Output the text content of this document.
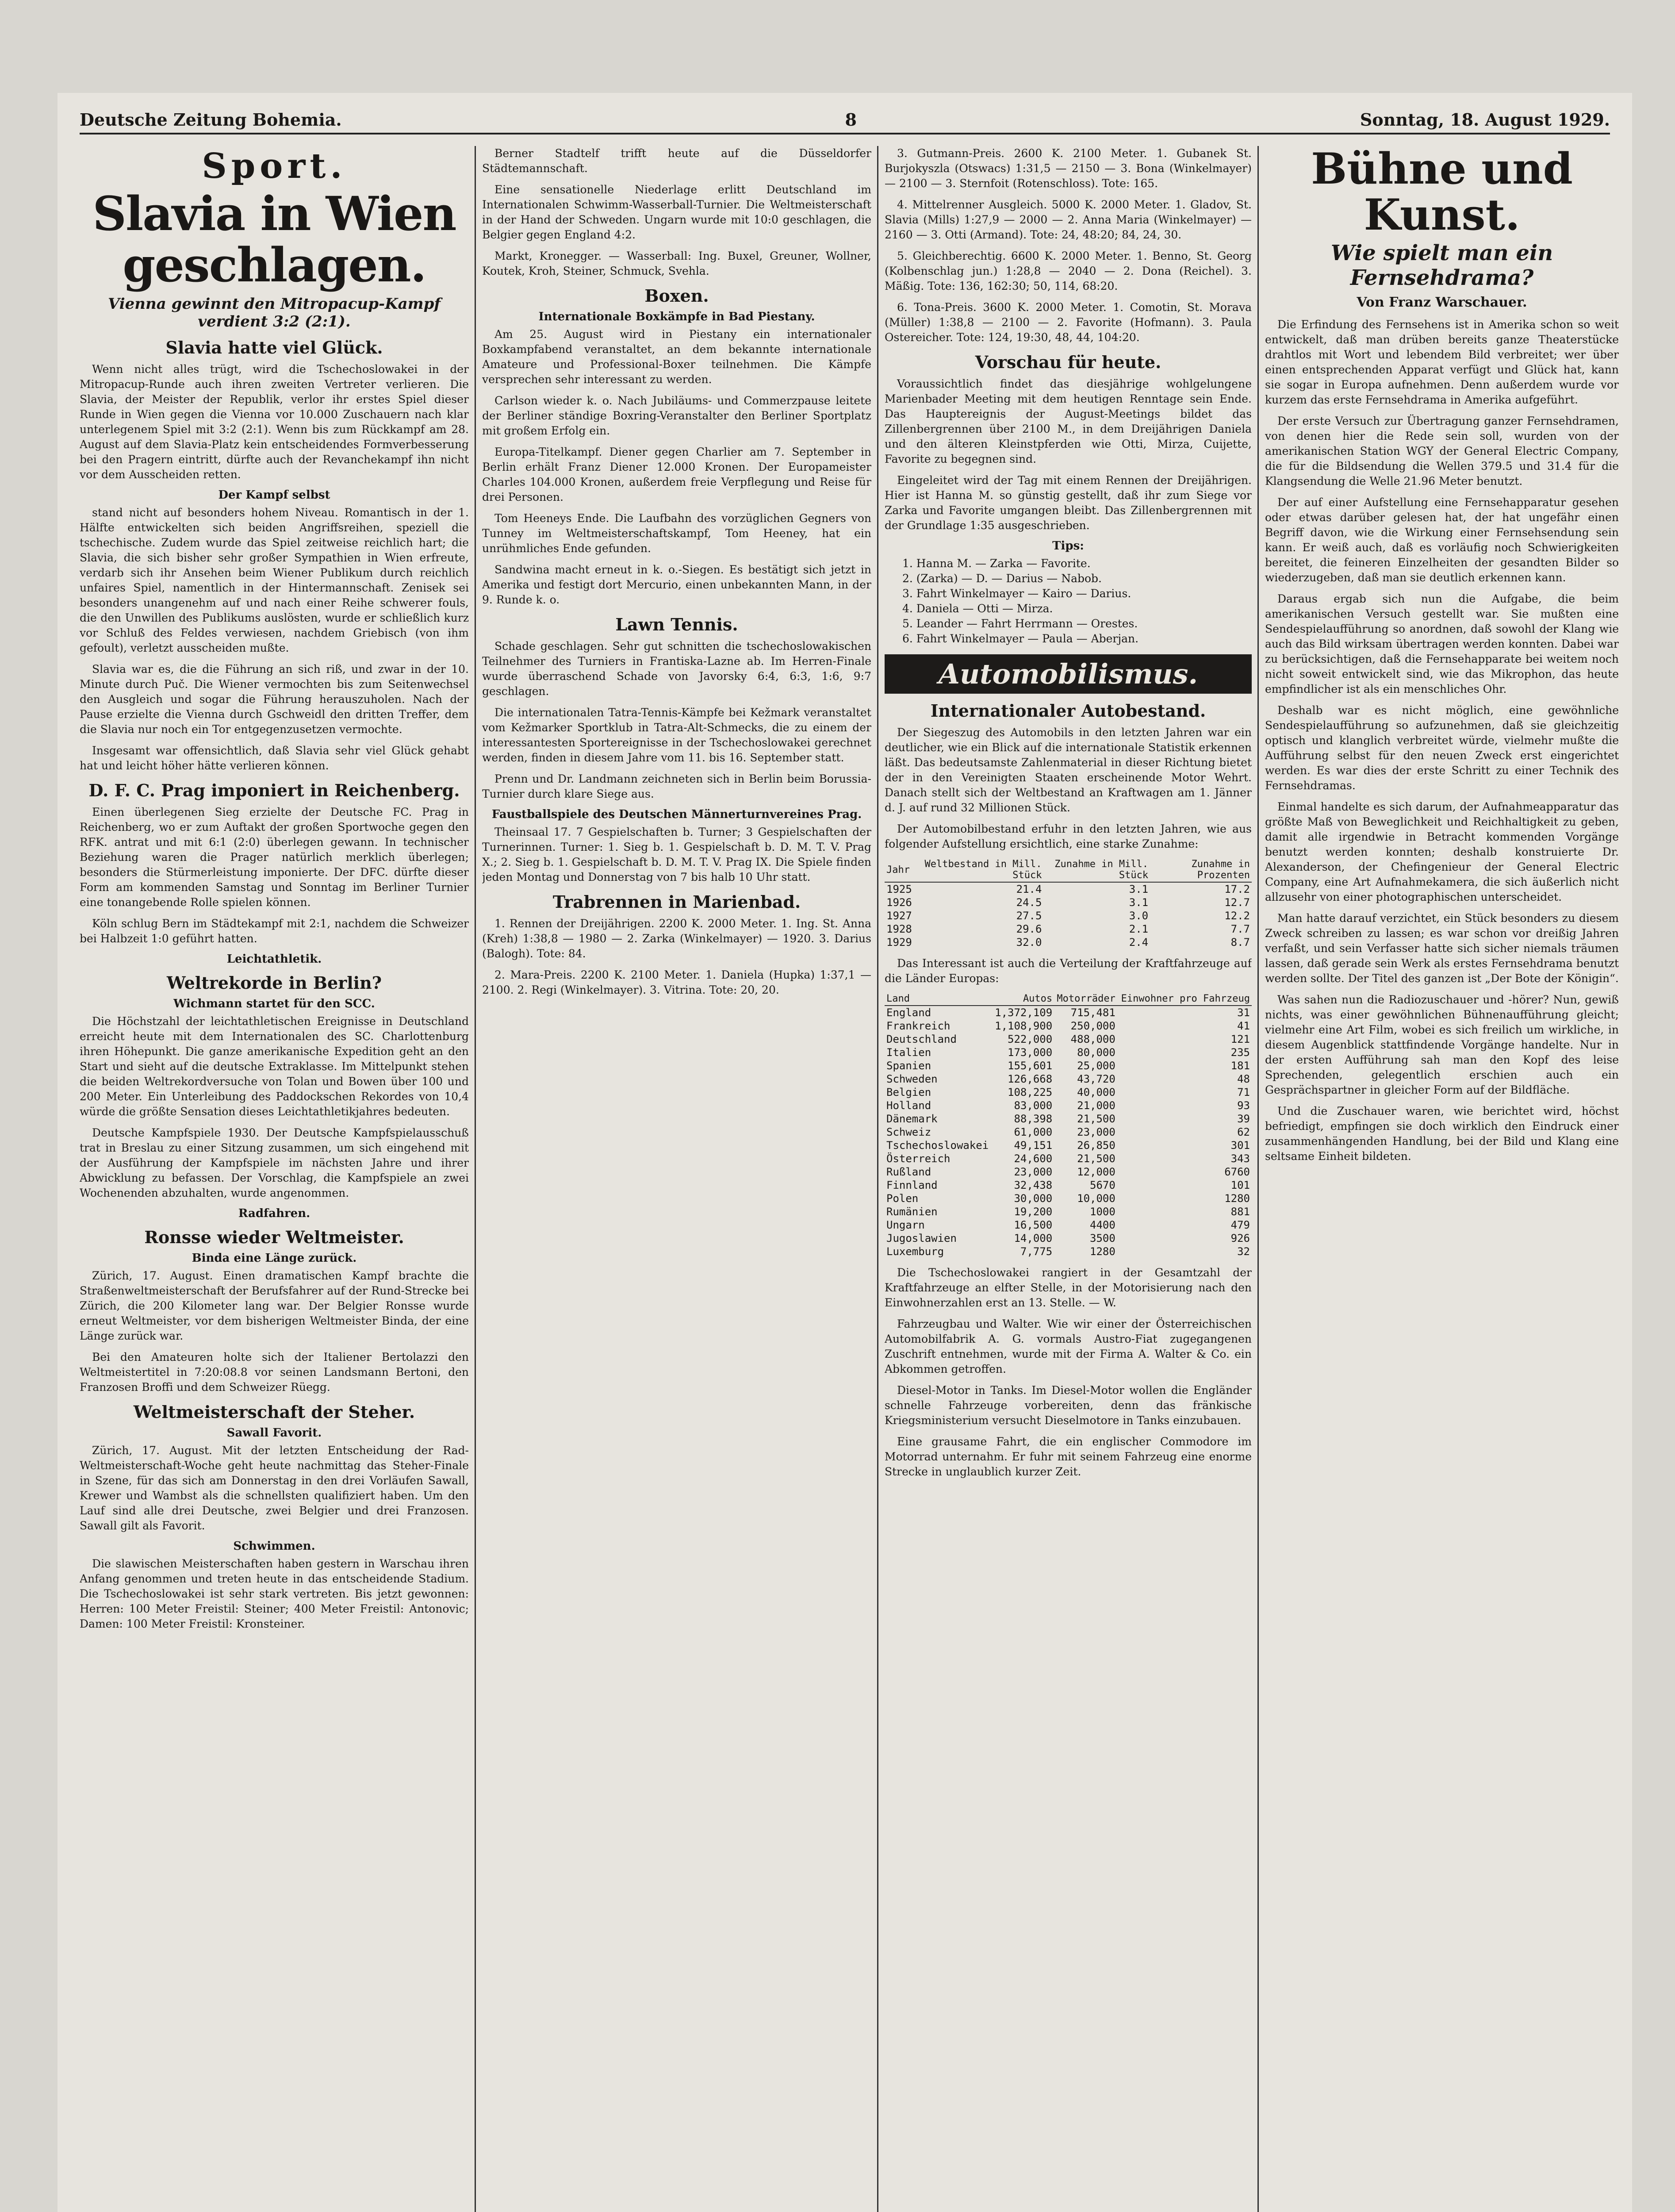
Deutsche Zeitung Bohemia.	8	Sonntag, 18. August 1929.
Sport.
Slavia in Wien geschlagen.
Vienna gewinnt den Mitropacup-Kampf verdient 3:2 (2:1).
Slavia hatte viel Glück.

Wenn nicht alles trügt, wird die Tschechoslowakei in der Mitropacup-Runde auch ihren zweiten Vertreter verlieren. Die Slavia, der Meister der Republik, verlor ihr erstes Spiel dieser Runde in Wien gegen die Vienna vor 10.000 Zuschauern nach klar unterlegenem Spiel mit 3:2 (2:1). Wenn bis zum Rückkampf am 28. August auf dem Slavia-Platz kein entscheidendes Formverbesserung bei den Pragern eintritt, dürfte auch der Revanchekampf ihn nicht vor dem Ausscheiden retten.

Der Kampf selbst

stand nicht auf besonders hohem Niveau. Romantisch in der 1. Hälfte entwickelten sich beiden Angriffsreihen, speziell die tschechische. Zudem wurde das Spiel zeitweise reichlich hart; die Slavia, die sich bisher sehr großer Sympathien in Wien erfreute, verdarb sich ihr Ansehen beim Wiener Publikum durch reichlich unfaires Spiel, namentlich in der Hintermannschaft. Zenisek sei besonders unangenehm auf und nach einer Reihe schwerer fouls, die den Unwillen des Publikums auslösten, wurde er schließlich kurz vor Schluß des Feldes verwiesen, nachdem Griebisch (von ihm gefoult), verletzt ausscheiden mußte.

Slavia war es, die die Führung an sich riß, und zwar in der 10. Minute durch Puč. Die Wiener vermochten bis zum Seitenwechsel den Ausgleich und sogar die Führung herauszuholen. Nach der Pause erzielte die Vienna durch Gschweidl den dritten Treffer, dem die Slavia nur noch ein Tor entgegenzusetzen vermochte.

Insgesamt war offensichtlich, daß Slavia sehr viel Glück gehabt hat und leicht höher hätte verlieren können.

D. F. C. Prag imponiert in Reichenberg.

Einen überlegenen Sieg erzielte der Deutsche FC. Prag in Reichenberg, wo er zum Auftakt der großen Sportwoche gegen den RFK. antrat und mit 6:1 (2:0) überlegen gewann. In technischer Beziehung waren die Prager natürlich merklich überlegen; besonders die Stürmerleistung imponierte. Der DFC. dürfte dieser Form am kommenden Samstag und Sonntag im Berliner Turnier eine tonangebende Rolle spielen können.

Köln schlug Bern im Städtekampf mit 2:1, nachdem die Schweizer bei Halbzeit 1:0 geführt hatten.

Leichtathletik.
Weltrekorde in Berlin?
Wichmann startet für den SCC.

Die Höchstzahl der leichtathletischen Ereignisse in Deutschland erreicht heute mit dem Internationalen des SC. Charlottenburg ihren Höhepunkt. Die ganze amerikanische Expedition geht an den Start und sieht auf die deutsche Extraklasse. Im Mittelpunkt stehen die beiden Weltrekordversuche von Tolan und Bowen über 100 und 200 Meter. Ein Unterleibung des Paddockschen Rekordes von 10,4 würde die größte Sensation dieses Leichtathletikjahres bedeuten.

Deutsche Kampfspiele 1930. Der Deutsche Kampfspielausschuß trat in Breslau zu einer Sitzung zusammen, um sich eingehend mit der Ausführung der Kampfspiele im nächsten Jahre und ihrer Abwicklung zu befassen. Der Vorschlag, die Kampfspiele an zwei Wochenenden abzuhalten, wurde angenommen.

Radfahren.
Ronsse wieder Weltmeister.
Binda eine Länge zurück.

Zürich, 17. August. Einen dramatischen Kampf brachte die Straßenweltmeisterschaft der Berufsfahrer auf der Rund-Strecke bei Zürich, die 200 Kilometer lang war. Der Belgier Ronsse wurde erneut Weltmeister, vor dem bisherigen Weltmeister Binda, der eine Länge zurück war.

Bei den Amateuren holte sich der Italiener Bertolazzi den Weltmeistertitel in 7:20:08.8 vor seinen Landsmann Bertoni, den Franzosen Broffi und dem Schweizer Rüegg.

Weltmeisterschaft der Steher.
Sawall Favorit.

Zürich, 17. August. Mit der letzten Entscheidung der Rad-Weltmeisterschaft-Woche geht heute nachmittag das Steher-Finale in Szene, für das sich am Donnerstag in den drei Vorläufen Sawall, Krewer und Wambst als die schnellsten qualifiziert haben. Um den Lauf sind alle drei Deutsche, zwei Belgier und drei Franzosen. Sawall gilt als Favorit.

Schwimmen.

Die slawischen Meisterschaften haben gestern in Warschau ihren Anfang genommen und treten heute in das entscheidende Stadium. Die Tschechoslowakei ist sehr stark vertreten. Bis jetzt gewonnen: Herren: 100 Meter Freistil: Steiner; 400 Meter Freistil: Antonovic; Damen: 100 Meter Freistil: Kronsteiner.

Berner Stadtelf trifft heute auf die Düsseldorfer Städtemannschaft.

Eine sensationelle Niederlage erlitt Deutschland im Internationalen Schwimm-Wasserball-Turnier. Die Weltmeisterschaft in der Hand der Schweden. Ungarn wurde mit 10:0 geschlagen, die Belgier gegen England 4:2.

Markt, Kronegger. — Wasserball: Ing. Buxel, Greuner, Wollner, Koutek, Kroh, Steiner, Schmuck, Svehla.

Boxen.
Internationale Boxkämpfe in Bad Piestany.

Am 25. August wird in Piestany ein internationaler Boxkampfabend veranstaltet, an dem bekannte internationale Amateure und Professional-Boxer teilnehmen. Die Kämpfe versprechen sehr interessant zu werden.

Carlson wieder k. o. Nach Jubiläums- und Commerzpause leitete der Berliner ständige Boxring-Veranstalter den Berliner Sportplatz mit großem Erfolg ein.

Europa-Titelkampf. Diener gegen Charlier am 7. September in Berlin erhält Franz Diener 12.000 Kronen. Der Europameister Charles 104.000 Kronen, außerdem freie Verpflegung und Reise für drei Personen.

Tom Heeneys Ende. Die Laufbahn des vorzüglichen Gegners von Tunney im Weltmeisterschaftskampf, Tom Heeney, hat ein unrühmliches Ende gefunden.

Sandwina macht erneut in k. o.-Siegen. Es bestätigt sich jetzt in Amerika und festigt dort Mercurio, einen unbekannten Mann, in der 9. Runde k. o.

Lawn Tennis.

Schade geschlagen. Sehr gut schnitten die tschechoslowakischen Teilnehmer des Turniers in Frantiska-Lazne ab. Im Herren-Finale wurde überraschend Schade von Javorsky 6:4, 6:3, 1:6, 9:7 geschlagen.

Die internationalen Tatra-Tennis-Kämpfe bei Kežmark veranstaltet vom Kežmarker Sportklub in Tatra-Alt-Schmecks, die zu einem der interessantesten Sportereignisse in der Tschechoslowakei gerechnet werden, finden in diesem Jahre vom 11. bis 16. September statt.

Prenn und Dr. Landmann zeichneten sich in Berlin beim Borussia-Turnier durch klare Siege aus.

Faustballspiele des Deutschen Männerturnvereines Prag.

Theinsaal 17. 7 Gespielschaften b. Turner; 3 Gespielschaften der Turnerinnen. Turner: 1. Sieg b. 1. Gespielschaft b. D. M. T. V. Prag X.; 2. Sieg b. 1. Gespielschaft b. D. M. T. V. Prag IX. Die Spiele finden jeden Montag und Donnerstag von 7 bis halb 10 Uhr statt.

Trabrennen in Marienbad.

1. Rennen der Dreijährigen. 2200 K. 2000 Meter. 1. Ing. St. Anna (Kreh) 1:38,8 — 1980 — 2. Zarka (Winkelmayer) — 1920. 3. Darius (Balogh). Tote: 84.

2. Mara-Preis. 2200 K. 2100 Meter. 1. Daniela (Hupka) 1:37,1 — 2100. 2. Regi (Winkelmayer). 3. Vitrina. Tote: 20, 20.

3. Gutmann-Preis. 2600 K. 2100 Meter. 1. Gubanek St. Burjokyszla (Otswacs) 1:31,5 — 2150 — 3. Bona (Winkelmayer) — 2100 — 3. Sternfoit (Rotenschloss). Tote: 165.

4. Mittelrenner Ausgleich. 5000 K. 2000 Meter. 1. Gladov, St. Slavia (Mills) 1:27,9 — 2000 — 2. Anna Maria (Winkelmayer) — 2160 — 3. Otti (Armand). Tote: 24, 48:20; 84, 24, 30.

5. Gleichberechtig. 6600 K. 2000 Meter. 1. Benno, St. Georg (Kolbenschlag jun.) 1:28,8 — 2040 — 2. Dona (Reichel). 3. Mäßig. Tote: 136, 162:30; 50, 114, 68:20.

6. Tona-Preis. 3600 K. 2000 Meter. 1. Comotin, St. Morava (Müller) 1:38,8 — 2100 — 2. Favorite (Hofmann). 3. Paula Ostereicher. Tote: 124, 19:30, 48, 44, 104:20.

Vorschau für heute.

Voraussichtlich findet das diesjährige wohlgelungene Marienbader Meeting mit dem heutigen Renntage sein Ende. Das Hauptereignis der August-Meetings bildet das Zillenbergrennen über 2100 M., in dem Dreijährigen Daniela und den älteren Kleinstpferden wie Otti, Mirza, Cuijette, Favorite zu begegnen sind.

Eingeleitet wird der Tag mit einem Rennen der Dreijährigen. Hier ist Hanna M. so günstig gestellt, daß ihr zum Siege vor Zarka und Favorite umgangen bleibt. Das Zillenbergrennen mit der Grundlage 1:35 ausgeschrieben.

Tips:
1. Hanna M. — Zarka — Favorite.
2. (Zarka) — D. — Darius — Nabob.
3. Fahrt Winkelmayer — Kairo — Darius.
4. Daniela — Otti — Mirza.
5. Leander — Fahrt Herrmann — Orestes.
6. Fahrt Winkelmayer — Paula — Aberjan.
Automobilismus.
Internationaler Autobestand.

Der Siegeszug des Automobils in den letzten Jahren war ein deutlicher, wie ein Blick auf die internationale Statistik erkennen läßt. Das bedeutsamste Zahlenmaterial in dieser Richtung bietet der in den Vereinigten Staaten erscheinende Motor Wehrt. Danach stellt sich der Weltbestand an Kraftwagen am 1. Jänner d. J. auf rund 32 Millionen Stück.

Der Automobilbestand erfuhr in den letzten Jahren, wie aus folgender Aufstellung ersichtlich, eine starke Zunahme:

Jahr	Weltbestand in Mill. Stück	Zunahme in Mill. Stück	Zunahme in Prozenten
1925	21.4	3.1	17.2
1926	24.5	3.1	12.7
1927	27.5	3.0	12.2
1928	29.6	2.1	7.7
1929	32.0	2.4	8.7

Das Interessant ist auch die Verteilung der Kraftfahrzeuge auf die Länder Europas:

Land	Autos	Motorräder	Einwohner pro Fahrzeug
England	1,372,109	715,481	31
Frankreich	1,108,900	250,000	41
Deutschland	522,000	488,000	121
Italien	173,000	80,000	235
Spanien	155,601	25,000	181
Schweden	126,668	43,720	48
Belgien	108,225	40,000	71
Holland	83,000	21,000	93
Dänemark	88,398	21,500	39
Schweiz	61,000	23,000	62
Tschechoslowakei	49,151	26,850	301
Österreich	24,600	21,500	343
Rußland	23,000	12,000	6760
Finnland	32,438	5670	101
Polen	30,000	10,000	1280
Rumänien	19,200	1000	881
Ungarn	16,500	4400	479
Jugoslawien	14,000	3500	926
Luxemburg	7,775	1280	32

Die Tschechoslowakei rangiert in der Gesamtzahl der Kraftfahrzeuge an elfter Stelle, in der Motorisierung nach den Einwohnerzahlen erst an 13. Stelle. — W.

Fahrzeugbau und Walter. Wie wir einer der Österreichischen Automobilfabrik A. G. vormals Austro-Fiat zugegangenen Zuschrift entnehmen, wurde mit der Firma A. Walter & Co. ein Abkommen getroffen.

Diesel-Motor in Tanks. Im Diesel-Motor wollen die Engländer schnelle Fahrzeuge vorbereiten, denn das fränkische Kriegsministerium versucht Dieselmotore in Tanks einzubauen.

Eine grausame Fahrt, die ein englischer Commodore im Motorrad unternahm. Er fuhr mit seinem Fahrzeug eine enorme Strecke in unglaublich kurzer Zeit.

Bühne und Kunst.
Wie spielt man ein Fernsehdrama?
Von Franz Warschauer.

Die Erfindung des Fernsehens ist in Amerika schon so weit entwickelt, daß man drüben bereits ganze Theaterstücke drahtlos mit Wort und lebendem Bild verbreitet; wer über einen entsprechenden Apparat verfügt und Glück hat, kann sie sogar in Europa aufnehmen. Denn außerdem wurde vor kurzem das erste Fernsehdrama in Amerika aufgeführt.

Der erste Versuch zur Übertragung ganzer Fernsehdramen, von denen hier die Rede sein soll, wurden von der amerikanischen Station WGY der General Electric Company, die für die Bildsendung die Wellen 379.5 und 31.4 für die Klangsendung die Welle 21.96 Meter benutzt.

Der auf einer Aufstellung eine Fernsehapparatur gesehen oder etwas darüber gelesen hat, der hat ungefähr einen Begriff davon, wie die Wirkung einer Fernsehsendung sein kann. Er weiß auch, daß es vorläufig noch Schwierigkeiten bereitet, die feineren Einzelheiten der gesandten Bilder so wiederzugeben, daß man sie deutlich erkennen kann.

Daraus ergab sich nun die Aufgabe, die beim amerikanischen Versuch gestellt war. Sie mußten eine Sendespielaufführung so anordnen, daß sowohl der Klang wie auch das Bild wirksam übertragen werden konnten. Dabei war zu berücksichtigen, daß die Fernsehapparate bei weitem noch nicht soweit entwickelt sind, wie das Mikrophon, das heute empfindlicher ist als ein menschliches Ohr.

Deshalb war es nicht möglich, eine gewöhnliche Sendespielaufführung so aufzunehmen, daß sie gleichzeitig optisch und klanglich verbreitet würde, vielmehr mußte die Aufführung selbst für den neuen Zweck erst eingerichtet werden. Es war dies der erste Schritt zu einer Technik des Fernsehdramas.

Einmal handelte es sich darum, der Aufnahmeapparatur das größte Maß von Beweglichkeit und Reichhaltigkeit zu geben, damit alle irgendwie in Betracht kommenden Vorgänge benutzt werden konnten; deshalb konstruierte Dr. Alexanderson, der Chefingenieur der General Electric Company, eine Art Aufnahmekamera, die sich äußerlich nicht allzusehr von einer photographischen unterscheidet.

Man hatte darauf verzichtet, ein Stück besonders zu diesem Zweck schreiben zu lassen; es war schon vor dreißig Jahren verfaßt, und sein Verfasser hatte sich sicher niemals träumen lassen, daß gerade sein Werk als erstes Fernsehdrama benutzt werden sollte. Der Titel des ganzen ist „Der Bote der Königin“.

Was sahen nun die Radiozuschauer und -hörer? Nun, gewiß nichts, was einer gewöhnlichen Bühnenaufführung gleicht; vielmehr eine Art Film, wobei es sich freilich um wirkliche, in diesem Augenblick stattfindende Vorgänge handelte. Nur in der ersten Aufführung sah man den Kopf des leise Sprechenden, gelegentlich erschien auch ein Gesprächspartner in gleicher Form auf der Bildfläche.

Und die Zuschauer waren, wie berichtet wird, höchst befriedigt, empfingen sie doch wirklich den Eindruck einer zusammenhängenden Handlung, bei der Bild und Klang eine seltsame Einheit bildeten.
